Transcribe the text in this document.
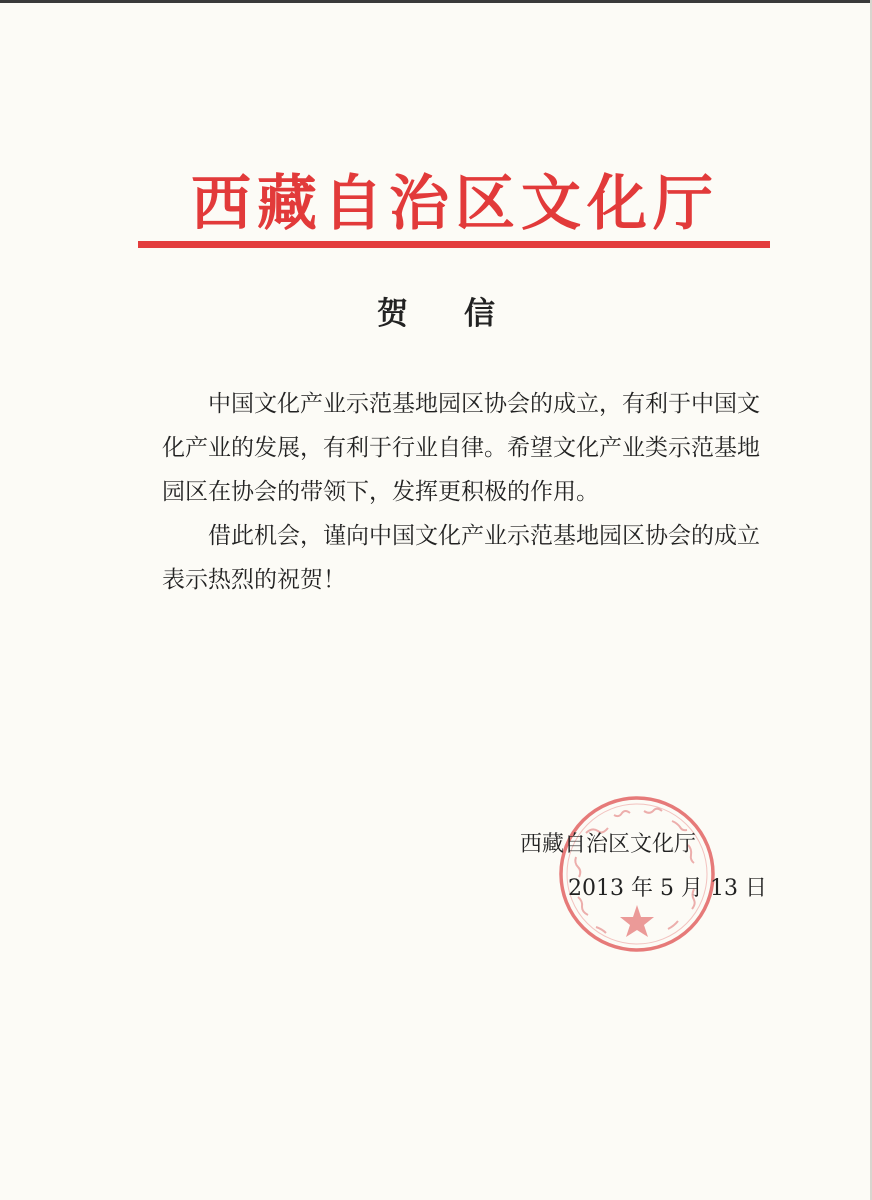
西藏自治区文化厅
贺 信

中国文化产业示范基地园区协会的成立，有利于中国文化产业的发展，有利于行业自律。希望文化产业类示范基地园区在协会的带领下，发挥更积极的作用。

借此机会，谨向中国文化产业示范基地园区协会的成立表示热烈的祝贺！

西藏自治区文化厅
2013 年 5 月 13 日
